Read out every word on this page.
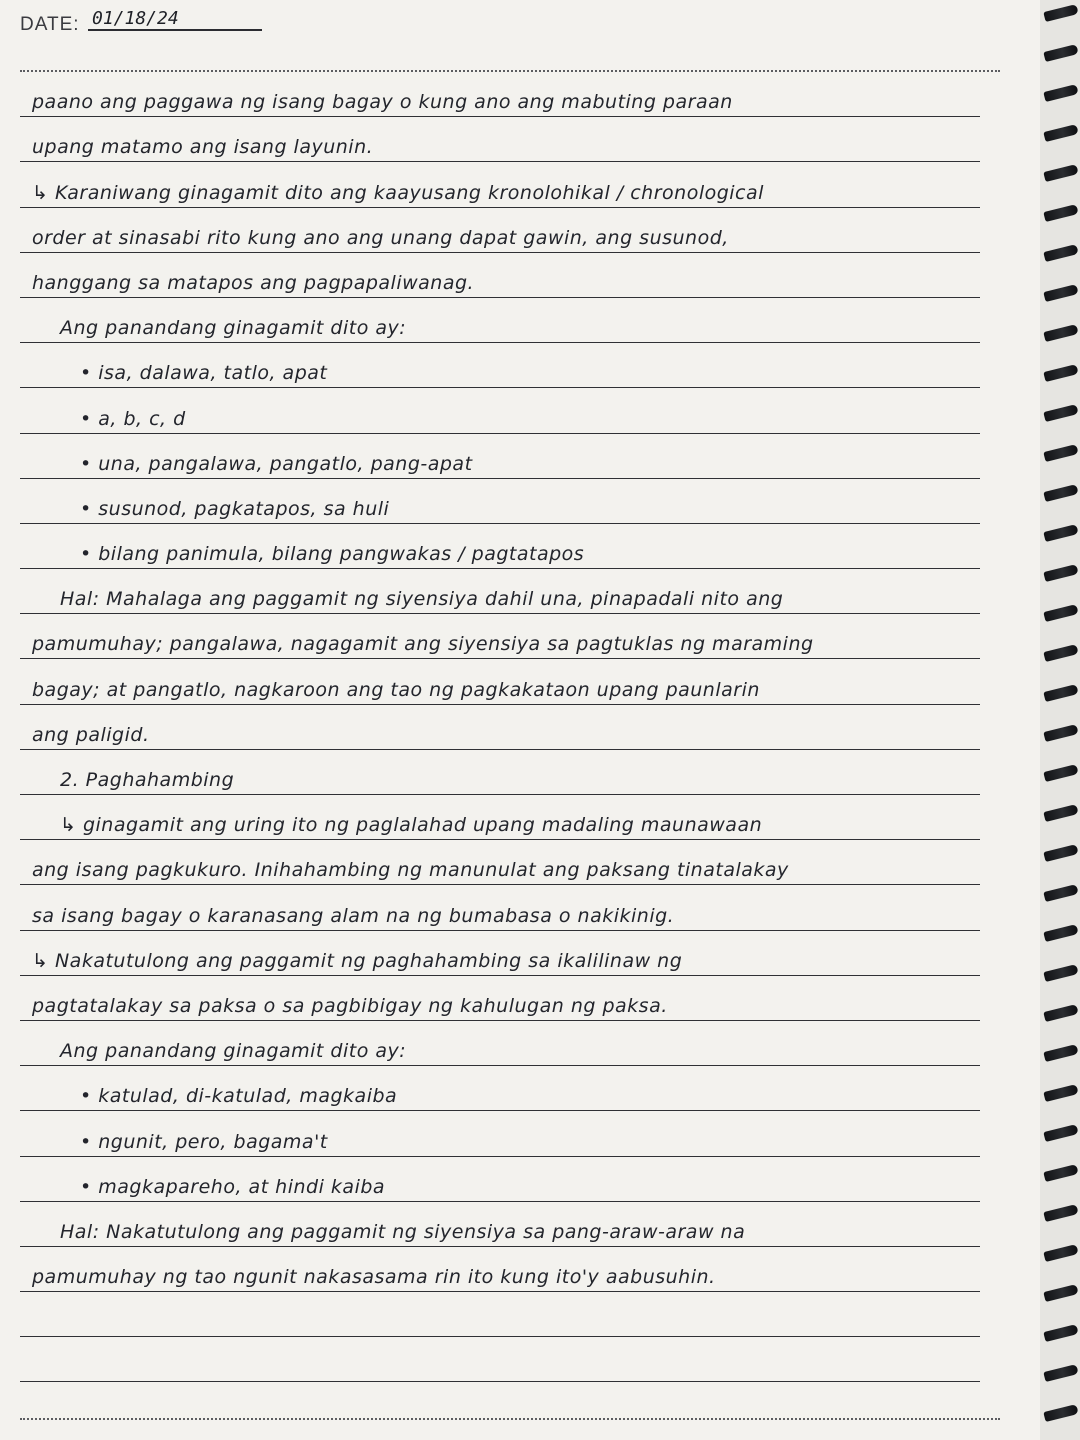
DATE: 01/18/24
paano ang paggawa ng isang bagay o kung ano ang mabuting paraan
upang matamo ang isang layunin.
↳ Karaniwang ginagamit dito ang kaayusang kronolohikal / chronological
order at sinasabi rito kung ano ang unang dapat gawin, ang susunod,
hanggang sa matapos ang pagpapaliwanag.
Ang panandang ginagamit dito ay:
• isa, dalawa, tatlo, apat
• a, b, c, d
• una, pangalawa, pangatlo, pang-apat
• susunod, pagkatapos, sa huli
• bilang panimula, bilang pangwakas / pagtatapos
Hal: Mahalaga ang paggamit ng siyensiya dahil una, pinapadali nito ang
pamumuhay; pangalawa, nagagamit ang siyensiya sa pagtuklas ng maraming
bagay; at pangatlo, nagkaroon ang tao ng pagkakataon upang paunlarin
ang paligid.
2. Paghahambing
↳ ginagamit ang uring ito ng paglalahad upang madaling maunawaan
ang isang pagkukuro. Inihahambing ng manunulat ang paksang tinatalakay
sa isang bagay o karanasang alam na ng bumabasa o nakikinig.
↳ Nakatutulong ang paggamit ng paghahambing sa ikalilinaw ng
pagtatalakay sa paksa o sa pagbibigay ng kahulugan ng paksa.
Ang panandang ginagamit dito ay:
• katulad, di-katulad, magkaiba
• ngunit, pero, bagama't
• magkapareho, at hindi kaiba
Hal: Nakatutulong ang paggamit ng siyensiya sa pang-araw-araw na
pamumuhay ng tao ngunit nakasasama rin ito kung ito'y aabusuhin.
